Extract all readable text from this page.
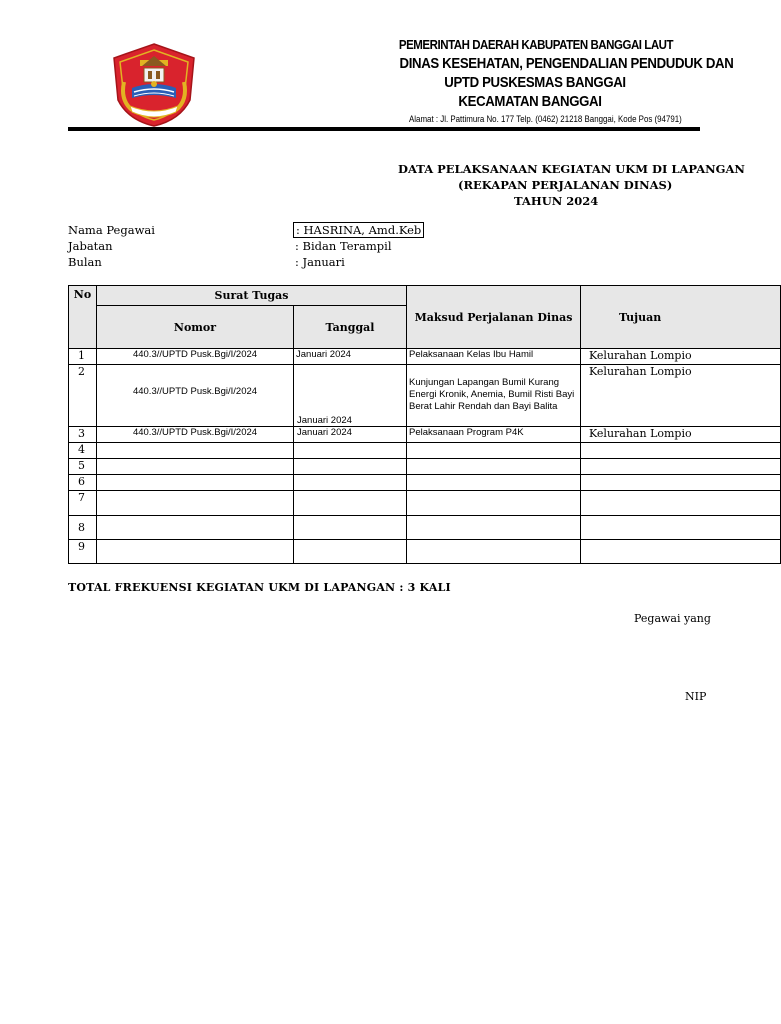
PEMERINTAH DAERAH KABUPATEN BANGGAI LAUT
DINAS KESEHATAN, PENGENDALIAN PENDUDUK DAN
UPTD PUSKESMAS BANGGAI
KECAMATAN BANGGAI
Alamat : Jl. Pattimura No. 177 Telp. (0462) 21218 Banggai, Kode Pos (94791)
DATA PELAKSANAAN KEGIATAN UKM DI LAPANGAN
(REKAPAN PERJALANAN DINAS)
TAHUN 2024
Nama Pegawai	: HASRINA, Amd.Keb
Jabatan	: Bidan Terampil
Bulan	: Januari
No	Surat Tugas		Maksud Perjalanan Dinas	Tujuan
	Nomor	Tanggal		
1	440.3//UPTD Pusk.Bgi/I/2024	Januari 2024	Pelaksanaan Kelas Ibu Hamil	Kelurahan Lompio
2	440.3//UPTD Pusk.Bgi/I/2024	Januari 2024	Kunjungan Lapangan Bumil Kurang Energi Kronik, Anemia, Bumil Risti Bayi Berat Lahir Rendah dan Bayi Balita	Kelurahan Lompio
3	440.3//UPTD Pusk.Bgi/I/2024	Januari 2024	Pelaksanaan Program P4K	Kelurahan Lompio
4				
5				
6				
7				
8				
9				
TOTAL FREKUENSI KEGIATAN UKM DI LAPANGAN : 3 KALI
Pegawai yang
NIP
